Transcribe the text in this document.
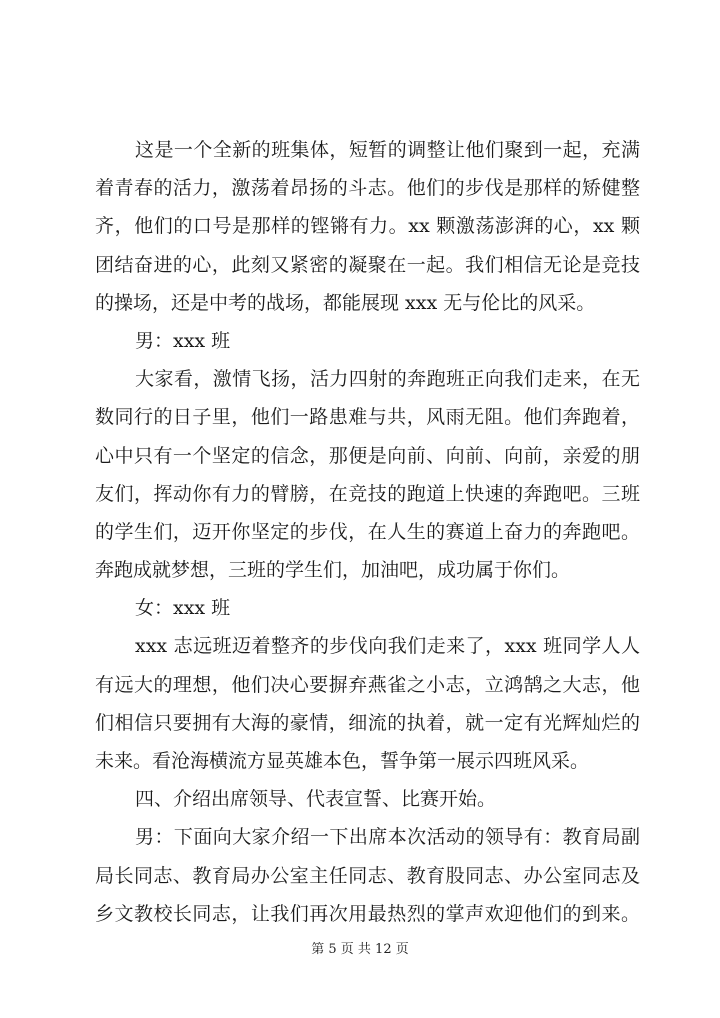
这是一个全新的班集体，短暂的调整让他们聚到一起，充满
着青春的活力，激荡着昂扬的斗志。他们的步伐是那样的矫健整
齐，他们的口号是那样的铿锵有力。xx 颗激荡澎湃的心，xx 颗
团结奋进的心，此刻又紧密的凝聚在一起。我们相信无论是竞技
的操场，还是中考的战场，都能展现 xxx 无与伦比的风采。
男：xxx 班
大家看，激情飞扬，活力四射的奔跑班正向我们走来，在无
数同行的日子里，他们一路患难与共，风雨无阻。他们奔跑着，
心中只有一个坚定的信念，那便是向前、向前、向前，亲爱的朋
友们，挥动你有力的臂膀，在竞技的跑道上快速的奔跑吧。三班
的学生们，迈开你坚定的步伐，在人生的赛道上奋力的奔跑吧。
奔跑成就梦想，三班的学生们，加油吧，成功属于你们。
女：xxx 班
xxx 志远班迈着整齐的步伐向我们走来了，xxx 班同学人人
有远大的理想，他们决心要摒弃燕雀之小志，立鸿鹄之大志，他
们相信只要拥有大海的豪情，细流的执着，就一定有光辉灿烂的
未来。看沧海横流方显英雄本色，誓争第一展示四班风采。
四、介绍出席领导、代表宣誓、比赛开始。
男：下面向大家介绍一下出席本次活动的领导有：教育局副
局长同志、教育局办公室主任同志、教育股同志、办公室同志及
乡文教校长同志，让我们再次用最热烈的掌声欢迎他们的到来。
第 5 页 共 12 页
